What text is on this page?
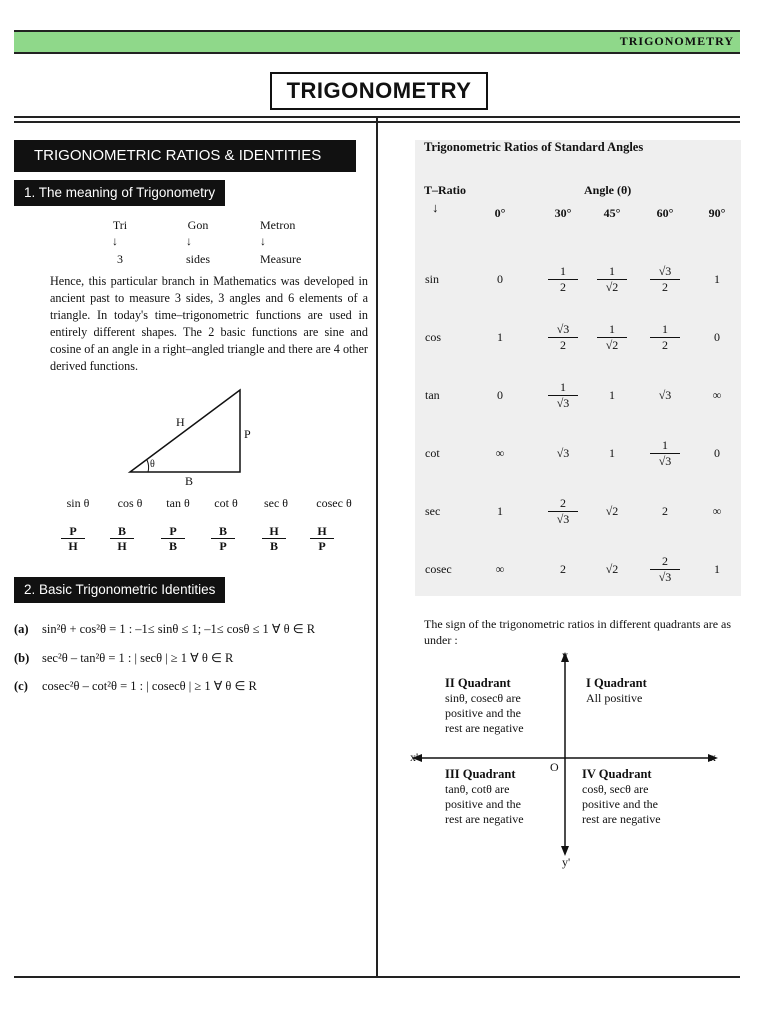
TRIGONOMETRY
TRIGONOMETRY
TRIGONOMETRIC RATIOS & IDENTITIES
1. The meaning of Trigonometry
Tri	Gon	Metron
↓	↓	↓
3	sides	Measure
Hence, this particular branch in Mathematics was developed in ancient past to measure 3 sides, 3 angles and 6 elements of a triangle. In today's time–trigonometric functions are used in entirely different shapes. The 2 basic functions are sine and cosine of an angle in a right–angled triangle and there are 4 other derived functions.
H
P
B
θ
sin θ	cos θ	tan θ	cot θ	sec θ	cosec θ
$\frac{P}{H} \frac{B}{H} \frac{P}{B} \frac{B}{P} \frac{H}{B} \frac{H}{P}$
2. Basic Trigonometric Identities
(a) sin²θ + cos²θ = 1 : –1≤ sinθ ≤ 1; –1≤ cosθ ≤ 1 ∀ θ ∈ R
(b) sec²θ – tan²θ = 1 : | secθ | ≥ 1 ∀ θ ∈ R
(c) cosec²θ – cot²θ = 1 : | cosecθ | ≥ 1 ∀ θ ∈ R
Trigonometric Ratios of Standard Angles
T–Ratio
↓
Angle (θ)
0°	30°	45°	60°	90°
sin	0	$\frac{1}{2} \frac{1}{√2} \frac{√3}{2}$	1
cos	1	$\frac{√3}{2} \frac{1}{√2} \frac{1}{2}$	0
tan	0	$\frac{1}{√3}$	1	√3	∞
cot	∞	√3	1	$\frac{1}{√3}$	0
sec	1	$\frac{2}{√3}$	√2	2	∞
cosec	∞	2	√2	$\frac{2}{√3}$	1
The sign of the trigonometric ratios in different quadrants are as under :
y
y'
x
x'
O
II Quadrant
sinθ, cosecθ are
positive and the
rest are negative
I Quadrant
All positive
III Quadrant
tanθ, cotθ are
positive and the
rest are negative
IV Quadrant
cosθ, secθ are
positive and the
rest are negative
